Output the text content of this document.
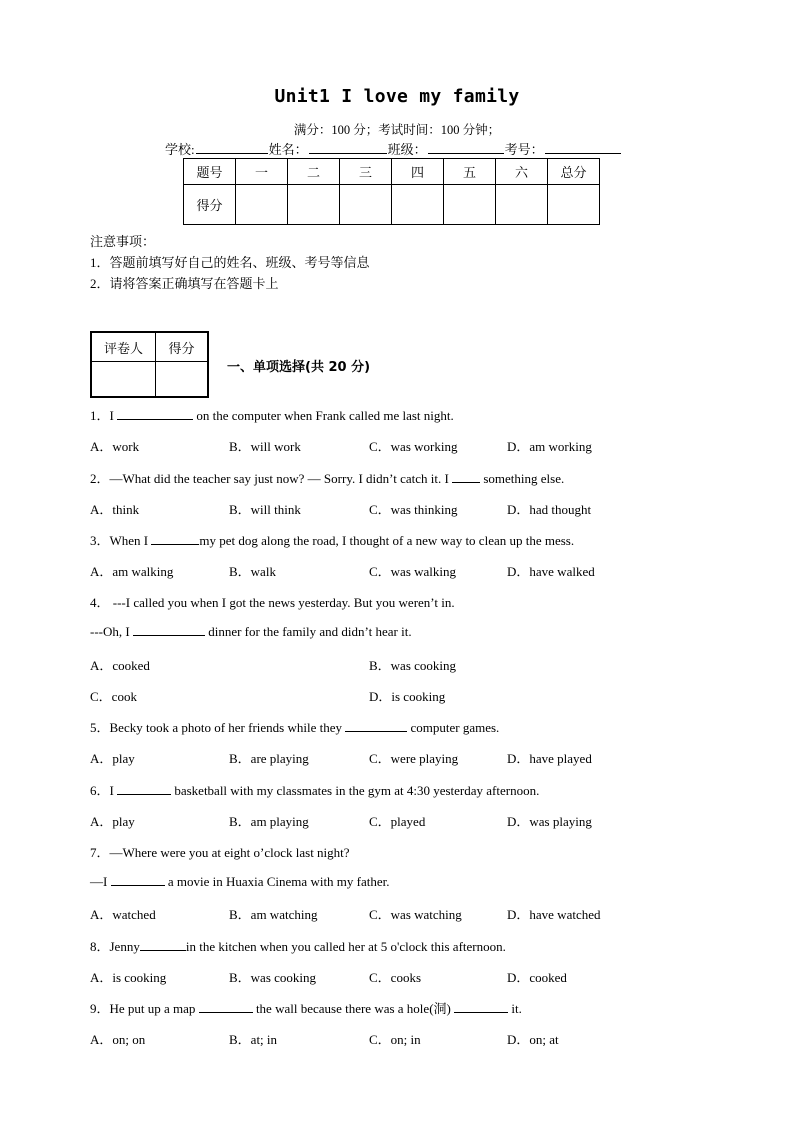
Unit1 I love my family
满分：100 分；考试时间：100 分钟；
学校:	姓名：	班级：	考号：
题号	一	二	三	四	五	六	总分
得分							
注意事项：
1．答题前填写好自己的姓名、班级、考号等信息
2．请将答案正确填写在答题卡上
评卷人	得分

一、单项选择(共 20 分)
1．I	on the computer when Frank called me last night.
A．work	B．will work	C．was working	D．am working
2．—What did the teacher say just now? — Sorry. I didn’t catch it. I  something else.
A．think	B．will think	C．was thinking	D．had thought
3．When I	my pet dog along the road, I thought of a new way to clean up the mess.
A．am walking	B．walk	C．was walking	D．have walked
4． ---I called you when I got the news yesterday. But you weren’t in.
---Oh, I	dinner for the family and didn’t hear it.
A．cooked	B．was cooking
C．cook	D．is cooking
5．Becky took a photo of her friends while they	computer games.
A．play	B．are playing	C．were playing	D．have played
6．I	basketball with my classmates in the gym at 4:30 yesterday afternoon.
A．play	B．am playing	C．played	D．was playing
7．—Where were you at eight o’clock last night?
—I	a movie in Huaxia Cinema with my father.
A．watched	B．am watching	C．was watching	D．have watched
8．Jenny	in the kitchen when you called her at 5 o'clock this afternoon.
A．is cooking	B．was cooking	C．cooks	D．cooked
9．He put up a map	the wall because there was a hole(洞)	it.
A．on; on	B．at; in	C．on; in	D．on; at
